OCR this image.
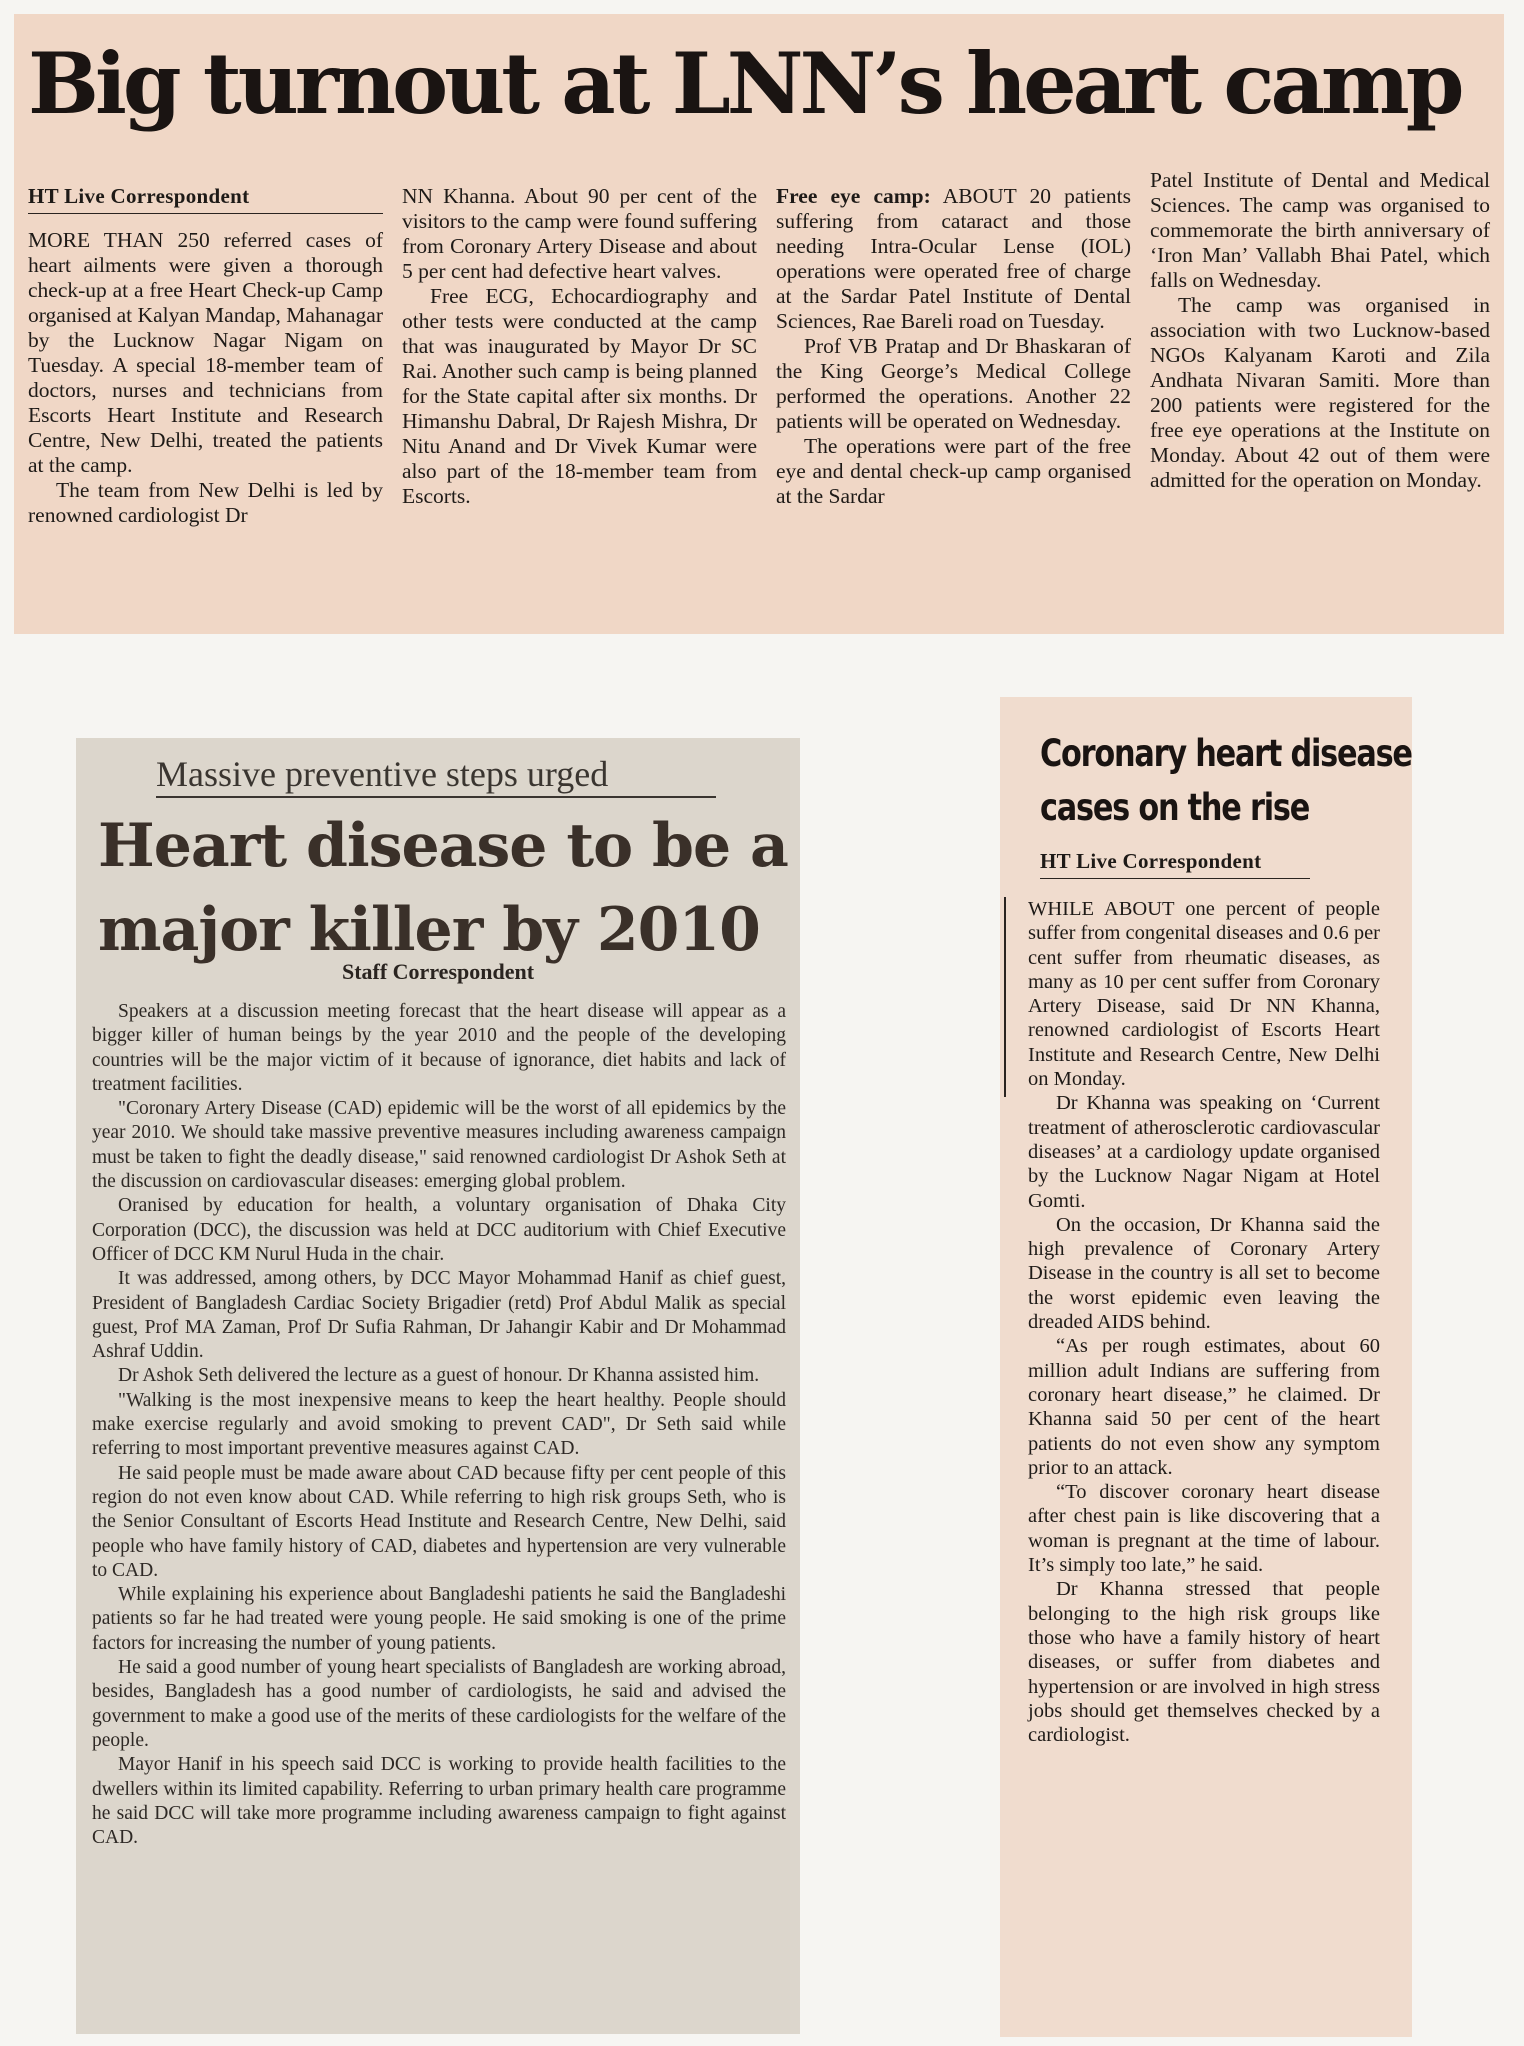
Big turnout at LNN’s heart camp
HT Live Correspondent

MORE THAN 250 referred cases of heart ailments were given a thorough check-up at a free Heart Check-up Camp organised at Kalyan Mandap, Mahanagar by the Lucknow Nagar Nigam on Tuesday. A special 18-member team of doctors, nurses and technicians from Escorts Heart Institute and Research Centre, New Delhi, treated the patients at the camp.

The team from New Delhi is led by renowned cardiologist Dr

NN Khanna. About 90 per cent of the visitors to the camp were found suffering from Coronary Artery Disease and about 5 per cent had defective heart valves.

Free ECG, Echocardiography and other tests were conducted at the camp that was inaugurated by Mayor Dr SC Rai. Another such camp is being planned for the State capital after six months. Dr Himanshu Dabral, Dr Rajesh Mishra, Dr Nitu Anand and Dr Vivek Kumar were also part of the 18-member team from Escorts.

Free eye camp: ABOUT 20 patients suffering from cataract and those needing Intra-Ocular Lense (IOL) operations were operated free of charge at the Sardar Patel Institute of Dental Sciences, Rae Bareli road on Tuesday.

Prof VB Pratap and Dr Bhaskaran of the King George’s Medical College performed the operations. Another 22 patients will be operated on Wednesday.

The operations were part of the free eye and dental check-up camp organised at the Sardar

Patel Institute of Dental and Medical Sciences. The camp was organised to commemorate the birth anniversary of ‘Iron Man’ Vallabh Bhai Patel, which falls on Wednesday.

The camp was organised in association with two Lucknow-based NGOs Kalyanam Karoti and Zila Andhata Nivaran Samiti. More than 200 patients were registered for the free eye operations at the Institute on Monday. About 42 out of them were admitted for the operation on Monday.

Massive preventive steps urged
Heart disease to be a
major killer by 2010
Staff Correspondent

Speakers at a discussion meeting forecast that the heart disease will appear as a bigger killer of human beings by the year 2010 and the people of the developing countries will be the major victim of it because of ignorance, diet habits and lack of treatment facilities.

"Coronary Artery Disease (CAD) epidemic will be the worst of all epidemics by the year 2010. We should take massive preventive measures including awareness campaign must be taken to fight the deadly disease," said renowned cardiologist Dr Ashok Seth at the discussion on cardiovascular diseases: emerging global problem.

Oranised by education for health, a voluntary organisation of Dhaka City Corporation (DCC), the discussion was held at DCC auditorium with Chief Executive Officer of DCC KM Nurul Huda in the chair.

It was addressed, among others, by DCC Mayor Mohammad Hanif as chief guest, President of Bangladesh Cardiac Society Brigadier (retd) Prof Abdul Malik as special guest, Prof MA Zaman, Prof Dr Sufia Rahman, Dr Jahangir Kabir and Dr Mohammad Ashraf Uddin.

Dr Ashok Seth delivered the lecture as a guest of honour. Dr Khanna assisted him.

"Walking is the most inexpensive means to keep the heart healthy. People should make exercise regularly and avoid smoking to prevent CAD", Dr Seth said while referring to most important preventive measures against CAD.

He said people must be made aware about CAD because fifty per cent people of this region do not even know about CAD. While referring to high risk groups Seth, who is the Senior Consultant of Escorts Head Institute and Research Centre, New Delhi, said people who have family history of CAD, diabetes and hypertension are very vulnerable to CAD.

While explaining his experience about Bangladeshi patients he said the Bangladeshi patients so far he had treated were young people. He said smoking is one of the prime factors for increasing the number of young patients.

He said a good number of young heart specialists of Bangladesh are working abroad, besides, Bangladesh has a good number of cardiologists, he said and advised the government to make a good use of the merits of these cardiologists for the welfare of the people.

Mayor Hanif in his speech said DCC is working to provide health facilities to the dwellers within its limited capability. Referring to urban primary health care programme he said DCC will take more programme including awareness campaign to fight against CAD.

Coronary heart disease
cases on the rise
HT Live Correspondent

WHILE ABOUT one percent of people suffer from congenital diseases and 0.6 per cent suffer from rheumatic diseases, as many as 10 per cent suffer from Coronary Artery Disease, said Dr NN Khanna, renowned cardiologist of Escorts Heart Institute and Research Centre, New Delhi on Monday.

Dr Khanna was speaking on ‘Current treatment of atherosclerotic cardiovascular diseases’ at a cardiology update organised by the Lucknow Nagar Nigam at Hotel Gomti.

On the occasion, Dr Khanna said the high prevalence of Coronary Artery Disease in the country is all set to become the worst epidemic even leaving the dreaded AIDS behind.

“As per rough estimates, about 60 million adult Indians are suffering from coronary heart disease,” he claimed. Dr Khanna said 50 per cent of the heart patients do not even show any symptom prior to an attack.

“To discover coronary heart disease after chest pain is like discovering that a woman is pregnant at the time of labour. It’s simply too late,” he said.

Dr Khanna stressed that people belonging to the high risk groups like those who have a family history of heart diseases, or suffer from diabetes and hypertension or are involved in high stress jobs should get themselves checked by a cardiologist.
